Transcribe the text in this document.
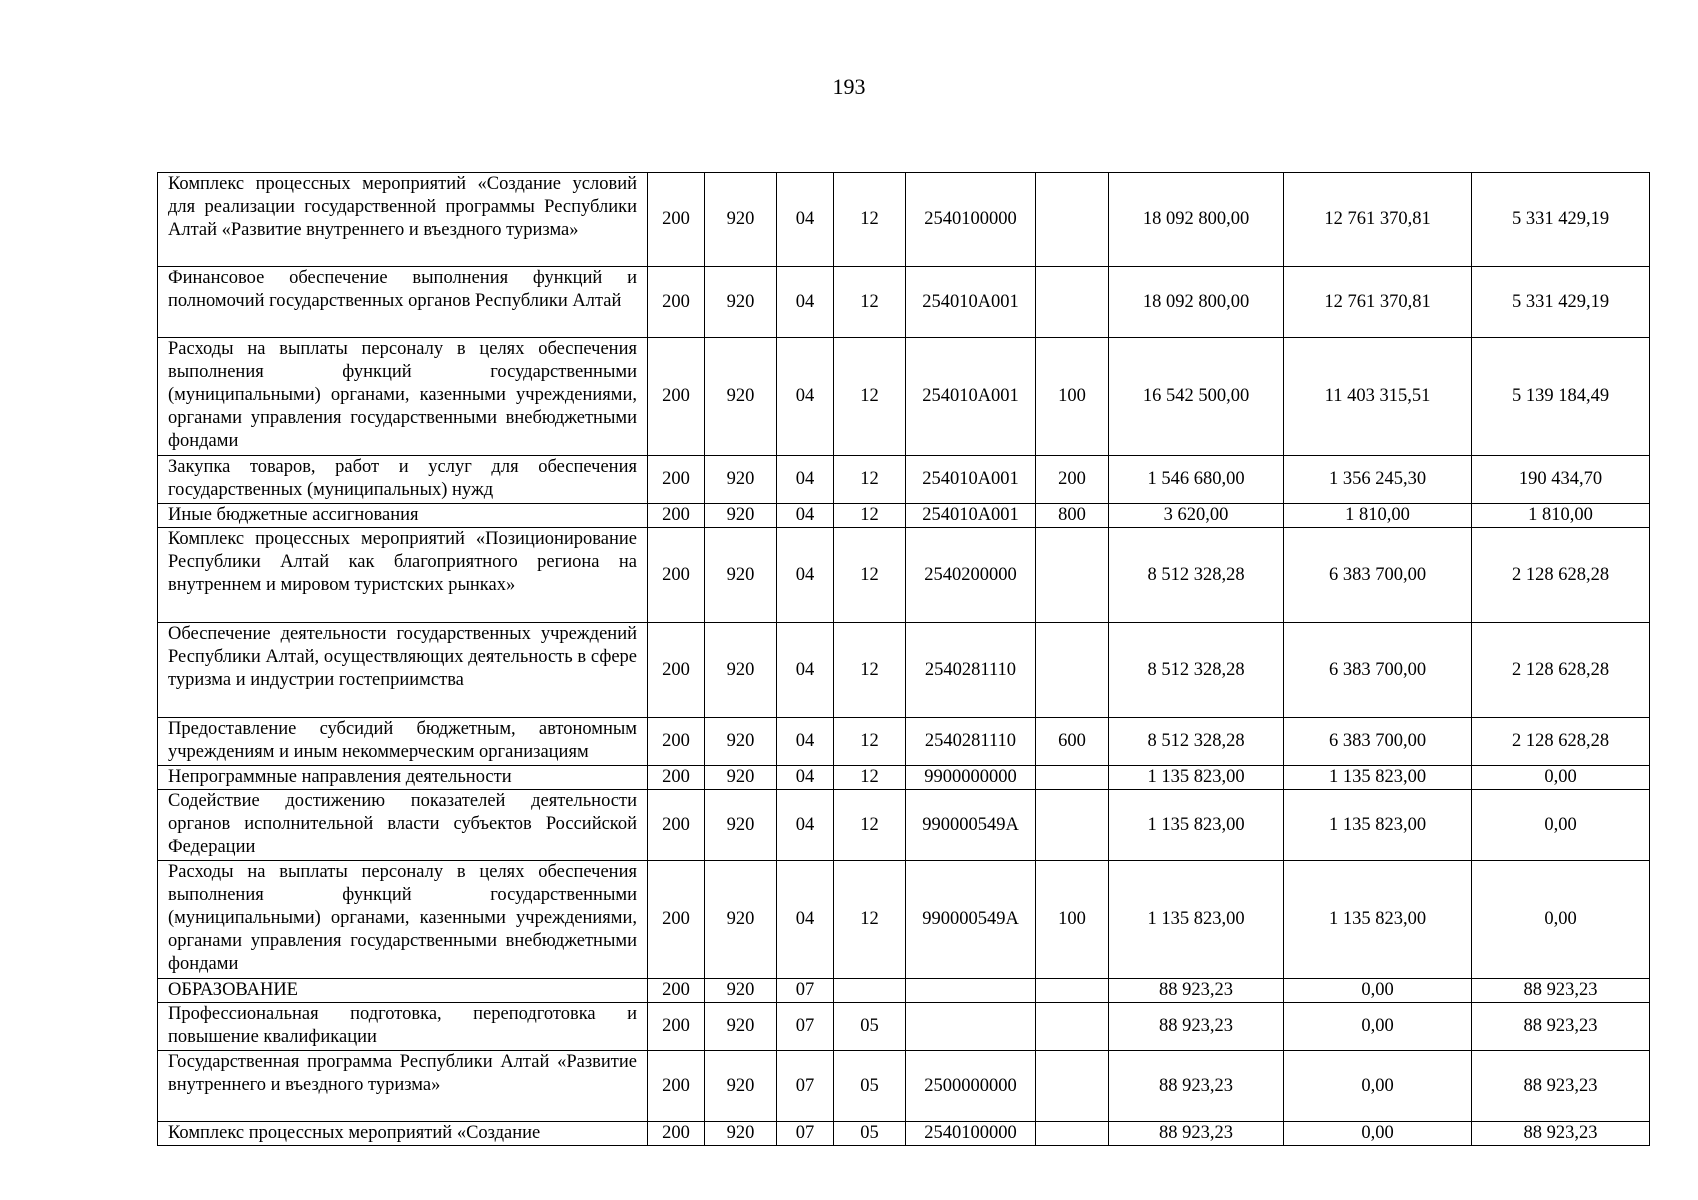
193
Комплекс процессных мероприятий «Создание условий для реализации государственной программы Республики Алтай «Развитие внутреннего и въездного туризма»	200	920	04	12	2540100000		18 092 800,00	12 761 370,81	5 331 429,19
Финансовое обеспечение выполнения функций и полномочий государственных органов Республики Алтай	200	920	04	12	254010А001		18 092 800,00	12 761 370,81	5 331 429,19
Расходы на выплаты персоналу в целях обеспечения выполнения функций государственными (муниципальными) органами, казенными учреждениями, органами управления государственными внебюджетными фондами	200	920	04	12	254010А001	100	16 542 500,00	11 403 315,51	5 139 184,49
Закупка товаров, работ и услуг для обеспечения государственных (муниципальных) нужд	200	920	04	12	254010А001	200	1 546 680,00	1 356 245,30	190 434,70
Иные бюджетные ассигнования	200	920	04	12	254010А001	800	3 620,00	1 810,00	1 810,00
Комплекс процессных мероприятий «Позиционирование Республики Алтай как благоприятного региона на внутреннем и мировом туристских рынках»	200	920	04	12	2540200000		8 512 328,28	6 383 700,00	2 128 628,28
Обеспечение деятельности государственных учреждений Республики Алтай, осуществляющих деятельность в сфере туризма и индустрии гостеприимства	200	920	04	12	2540281110		8 512 328,28	6 383 700,00	2 128 628,28
Предоставление субсидий бюджетным, автономным учреждениям и иным некоммерческим организациям	200	920	04	12	2540281110	600	8 512 328,28	6 383 700,00	2 128 628,28
Непрограммные направления деятельности	200	920	04	12	9900000000		1 135 823,00	1 135 823,00	0,00
Содействие достижению показателей деятельности органов исполнительной власти субъектов Российской Федерации	200	920	04	12	990000549А		1 135 823,00	1 135 823,00	0,00
Расходы на выплаты персоналу в целях обеспечения выполнения функций государственными (муниципальными) органами, казенными учреждениями, органами управления государственными внебюджетными фондами	200	920	04	12	990000549А	100	1 135 823,00	1 135 823,00	0,00
ОБРАЗОВАНИЕ	200	920	07				88 923,23	0,00	88 923,23
Профессиональная подготовка, переподготовка и повышение квалификации	200	920	07	05			88 923,23	0,00	88 923,23
Государственная программа Республики Алтай «Развитие внутреннего и въездного туризма»	200	920	07	05	2500000000		88 923,23	0,00	88 923,23
Комплекс процессных мероприятий «Создание	200	920	07	05	2540100000		88 923,23	0,00	88 923,23
